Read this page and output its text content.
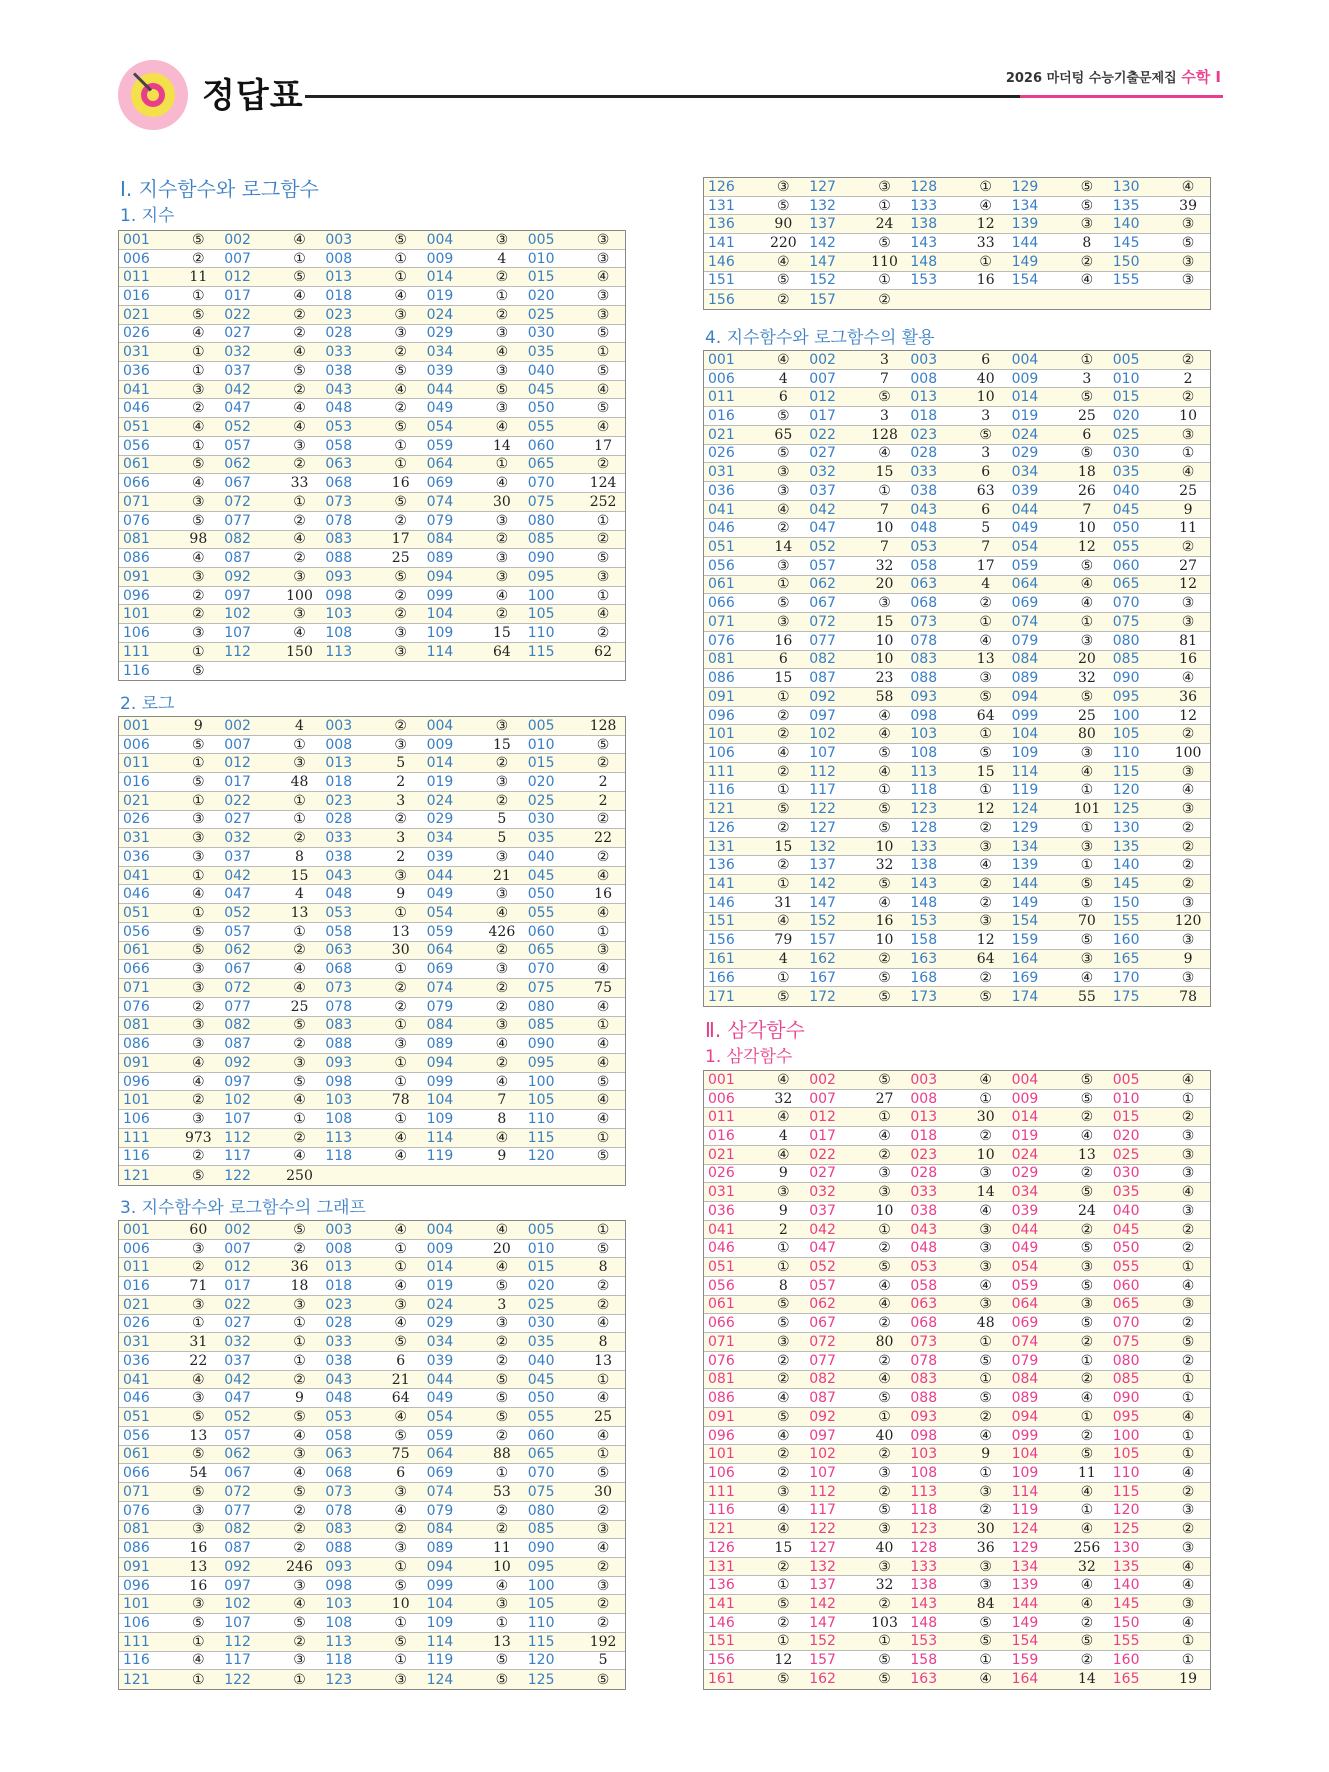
정답표	2026 마더텅 수능기출문제집 수학 Ⅰ
Ⅰ. 지수함수와 로그함수
1. 지수
001	⑤	002	④	003	⑤	004	③	005	③
006	②	007	①	008	①	009	4	010	③
011	11	012	⑤	013	①	014	②	015	④
016	①	017	④	018	④	019	①	020	③
021	⑤	022	②	023	③	024	②	025	③
026	④	027	②	028	③	029	③	030	⑤
031	①	032	④	033	②	034	④	035	①
036	①	037	⑤	038	⑤	039	③	040	⑤
041	③	042	②	043	④	044	⑤	045	④
046	②	047	④	048	②	049	③	050	⑤
051	④	052	④	053	⑤	054	④	055	④
056	①	057	③	058	①	059	14	060	17
061	⑤	062	②	063	①	064	①	065	②
066	④	067	33	068	16	069	④	070	124
071	③	072	①	073	⑤	074	30	075	252
076	⑤	077	②	078	②	079	③	080	①
081	98	082	④	083	17	084	②	085	②
086	④	087	②	088	25	089	③	090	⑤
091	③	092	③	093	⑤	094	③	095	③
096	②	097	100 098	②	099	④	100	①
101	②	102	③	103	②	104	②	105	④
106	③	107	④	108	③	109	15	110	②
111	①	112	150 113	③	114	64	115	62
116	⑤
2. 로그
001	9	002	4	003	②	004	③	005	128
006	⑤	007	①	008	③	009	15	010	⑤
011	①	012	③	013	5	014	②	015	②
016	⑤	017	48	018	2	019	③	020	2
021	①	022	①	023	3	024	②	025	2
026	③	027	①	028	②	029	5	030	②
031	③	032	②	033	3	034	5	035	22
036	③	037	8	038	2	039	③	040	②
041	①	042	15	043	③	044	21	045	④
046	④	047	4	048	9	049	③	050	16
051	①	052	13	053	①	054	④	055	④
056	⑤	057	①	058	13	059	426 060	①
061	⑤	062	②	063	30	064	②	065	③
066	③	067	④	068	①	069	③	070	④
071	③	072	④	073	②	074	②	075	75
076	②	077	25	078	②	079	②	080	④
081	③	082	⑤	083	①	084	③	085	①
086	③	087	②	088	③	089	④	090	④
091	④	092	③	093	①	094	②	095	④
096	④	097	⑤	098	①	099	④	100	⑤
101	②	102	④	103	78	104	7	105	④
106	③	107	①	108	①	109	8	110	④
111	973 112	②	113	④	114	④	115	①
116	②	117	④	118	④	119	9	120	⑤
121	⑤	122	250
3. 지수함수와 로그함수의 그래프
001	60	002	⑤	003	④	004	④	005	①
006	③	007	②	008	①	009	20	010	⑤
011	②	012	36	013	①	014	④	015	8
016	71	017	18	018	④	019	⑤	020	②
021	③	022	③	023	③	024	3	025	②
026	①	027	①	028	④	029	③	030	④
031	31	032	①	033	⑤	034	②	035	8
036	22	037	①	038	6	039	②	040	13
041	④	042	②	043	21	044	⑤	045	①
046	③	047	9	048	64	049	⑤	050	④
051	⑤	052	⑤	053	④	054	⑤	055	25
056	13	057	④	058	⑤	059	②	060	④
061	⑤	062	③	063	75	064	88	065	①
066	54	067	④	068	6	069	①	070	⑤
071	⑤	072	⑤	073	③	074	53	075	30
076	③	077	②	078	④	079	②	080	②
081	③	082	②	083	②	084	②	085	③
086	16	087	②	088	③	089	11	090	④
091	13	092	246 093	①	094	10	095	②
096	16	097	③	098	⑤	099	④	100	③
101	③	102	④	103	10	104	③	105	②
106	⑤	107	⑤	108	①	109	①	110	②
111	①	112	②	113	⑤	114	13	115	192
116	④	117	③	118	①	119	⑤	120	5
121	①	122	①	123	③	124	⑤	125	⑤
126	③	127	③	128	①	129	⑤	130	④
131	⑤	132	①	133	④	134	⑤	135	39
136	90	137	24	138	12	139	③	140	③
141	220 142	⑤	143	33	144	8	145	⑤
146	④	147	110 148	①	149	②	150	③
151	⑤	152	①	153	16	154	④	155	③
156	②	157	②
4. 지수함수와 로그함수의 활용
001	④	002	3	003	6	004	①	005	②
006	4	007	7	008	40	009	3	010	2
011	6	012	⑤	013	10	014	⑤	015	②
016	⑤	017	3	018	3	019	25	020	10
021	65	022	128 023	⑤	024	6	025	③
026	⑤	027	④	028	3	029	⑤	030	①
031	③	032	15	033	6	034	18	035	④
036	③	037	①	038	63	039	26	040	25
041	④	042	7	043	6	044	7	045	9
046	②	047	10	048	5	049	10	050	11
051	14	052	7	053	7	054	12	055	②
056	③	057	32	058	17	059	⑤	060	27
061	①	062	20	063	4	064	④	065	12
066	⑤	067	③	068	②	069	④	070	③
071	③	072	15	073	①	074	①	075	③
076	16	077	10	078	④	079	③	080	81
081	6	082	10	083	13	084	20	085	16
086	15	087	23	088	③	089	32	090	④
091	①	092	58	093	⑤	094	⑤	095	36
096	②	097	④	098	64	099	25	100	12
101	②	102	④	103	①	104	80	105	②
106	④	107	⑤	108	⑤	109	③	110	100
111	②	112	④	113	15	114	④	115	③
116	①	117	①	118	①	119	①	120	④
121	⑤	122	⑤	123	12	124	101 125	③
126	②	127	⑤	128	②	129	①	130	②
131	15	132	10	133	③	134	③	135	②
136	②	137	32	138	④	139	①	140	②
141	①	142	⑤	143	②	144	⑤	145	②
146	31	147	④	148	②	149	①	150	③
151	④	152	16	153	③	154	70	155	120
156	79	157	10	158	12	159	⑤	160	③
161	4	162	②	163	64	164	③	165	9
166	①	167	⑤	168	②	169	④	170	③
171	⑤	172	⑤	173	⑤	174	55	175	78
Ⅱ. 삼각함수
1. 삼각함수
001	④	002	⑤	003	④	004	⑤	005	④
006	32	007	27	008	①	009	⑤	010	①
011	④	012	①	013	30	014	②	015	②
016	4	017	④	018	②	019	④	020	③
021	④	022	②	023	10	024	13	025	③
026	9	027	③	028	③	029	②	030	③
031	③	032	③	033	14	034	⑤	035	④
036	9	037	10	038	④	039	24	040	③
041	2	042	①	043	③	044	②	045	②
046	①	047	②	048	③	049	⑤	050	②
051	①	052	⑤	053	③	054	③	055	①
056	8	057	④	058	④	059	⑤	060	④
061	⑤	062	④	063	③	064	③	065	③
066	⑤	067	②	068	48	069	⑤	070	②
071	③	072	80	073	①	074	②	075	⑤
076	②	077	②	078	⑤	079	①	080	②
081	②	082	④	083	①	084	②	085	①
086	④	087	⑤	088	⑤	089	④	090	①
091	⑤	092	①	093	②	094	①	095	④
096	④	097	40	098	④	099	②	100	①
101	②	102	②	103	9	104	⑤	105	①
106	②	107	③	108	①	109	11	110	④
111	③	112	②	113	③	114	④	115	②
116	④	117	⑤	118	②	119	①	120	③
121	④	122	③	123	30	124	④	125	②
126	15	127	40	128	36	129	256 130	③
131	②	132	③	133	③	134	32	135	④
136	①	137	32	138	③	139	④	140	④
141	⑤	142	②	143	84	144	④	145	③
146	②	147	103 148	⑤	149	②	150	④
151	①	152	①	153	⑤	154	⑤	155	①
156	12	157	⑤	158	①	159	②	160	①
161	⑤	162	⑤	163	④	164	14	165	19
